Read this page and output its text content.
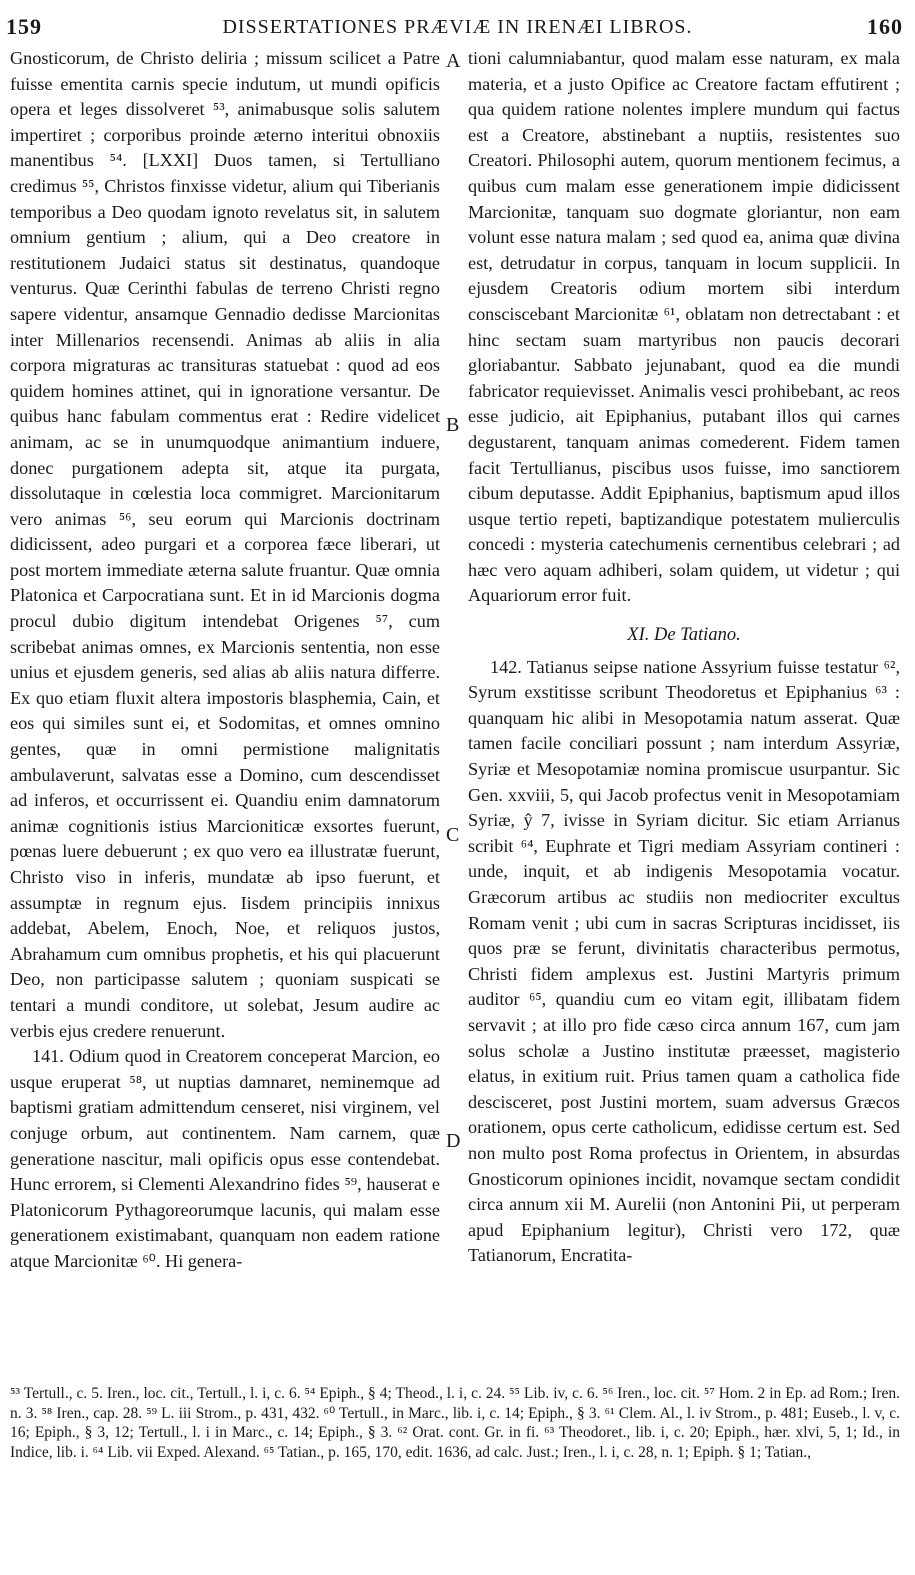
159	DISSERTATIONES PRÆVIÆ IN IRENÆI LIBROS.	160

Gnosticorum, de Christo deliria ; missum scilicet a Patre fuisse ementita carnis specie indutum, ut mundi opificis opera et leges dissolveret ⁵³, animabusque solis salutem impertiret ; corporibus proinde æterno interitui obnoxiis manentibus ⁵⁴. [LXXI] Duos tamen, si Tertulliano credimus ⁵⁵, Christos finxisse videtur, alium qui Tiberianis temporibus a Deo quodam ignoto revelatus sit, in salutem omnium gentium ; alium, qui a Deo creatore in restitutionem Judaici status sit destinatus, quandoque venturus. Quæ Cerinthi fabulas de terreno Christi regno sapere videntur, ansamque Gennadio dedisse Marcionitas inter Millenarios recensendi. Animas ab aliis in alia corpora migraturas ac transituras statuebat : quod ad eos quidem homines attinet, qui in ignoratione versantur. De quibus hanc fabulam commentus erat : Redire videlicet animam, ac se in unumquodque animantium induere, donec purgationem adepta sit, atque ita purgata, dissolutaque in cœlestia loca commigret. Marcionitarum vero animas ⁵⁶, seu eorum qui Marcionis doctrinam didicissent, adeo purgari et a corporea fæce liberari, ut post mortem immediate æterna salute fruantur. Quæ omnia Platonica et Carpocratiana sunt. Et in id Marcionis dogma procul dubio digitum intendebat Origenes ⁵⁷, cum scribebat animas omnes, ex Marcionis sententia, non esse unius et ejusdem generis, sed alias ab aliis natura differre. Ex quo etiam fluxit altera impostoris blasphemia, Cain, et eos qui similes sunt ei, et Sodomitas, et omnes omnino gentes, quæ in omni permistione malignitatis ambulaverunt, salvatas esse a Domino, cum descendisset ad inferos, et occurrissent ei. Quandiu enim damnatorum animæ cognitionis istius Marcioniticæ exsortes fuerunt, pœnas luere debuerunt ; ex quo vero ea illustratæ fuerunt, Christo viso in inferis, mundatæ ab ipso fuerunt, et assumptæ in regnum ejus. Iisdem principiis innixus addebat, Abelem, Enoch, Noe, et reliquos justos, Abrahamum cum omnibus prophetis, et his qui placuerunt Deo, non participasse salutem ; quoniam suspicati se tentari a mundi conditore, ut solebat, Jesum audire ac verbis ejus credere renuerunt.

141. Odium quod in Creatorem conceperat Marcion, eo usque eruperat ⁵⁸, ut nuptias damnaret, neminemque ad baptismi gratiam admittendum censeret, nisi virginem, vel conjuge orbum, aut continentem. Nam carnem, quæ generatione nascitur, mali opificis opus esse contendebat. Hunc errorem, si Clementi Alexandrino fides ⁵⁹, hauserat e Platonicorum Pythagoreorumque lacunis, qui malam esse generationem existimabant, quanquam non eadem ratione atque Marcionitæ ⁶⁰. Hi genera-

A
B
C
D

tioni calumniabantur, quod malam esse naturam, ex mala materia, et a justo Opifice ac Creatore factam effutirent ; qua quidem ratione nolentes implere mundum qui factus est a Creatore, abstinebant a nuptiis, resistentes suo Creatori. Philosophi autem, quorum mentionem fecimus, a quibus cum malam esse generationem impie didicissent Marcionitæ, tanquam suo dogmate gloriantur, non eam volunt esse natura malam ; sed quod ea, anima quæ divina est, detrudatur in corpus, tanquam in locum supplicii. In ejusdem Creatoris odium mortem sibi interdum consciscebant Marcionitæ ⁶¹, oblatam non detrectabant : et hinc sectam suam martyribus non paucis decorari gloriabantur. Sabbato jejunabant, quod ea die mundi fabricator requievisset. Animalis vesci prohibebant, ac reos esse judicio, ait Epiphanius, putabant illos qui carnes degustarent, tanquam animas comederent. Fidem tamen facit Tertullianus, piscibus usos fuisse, imo sanctiorem cibum deputasse. Addit Epiphanius, baptismum apud illos usque tertio repeti, baptizandique potestatem mulierculis concedi : mysteria catechumenis cernentibus celebrari ; ad hæc vero aquam adhiberi, solam quidem, ut videtur ; qui Aquariorum error fuit.

XI. De Tatiano.

142. Tatianus seipse natione Assyrium fuisse testatur ⁶², Syrum exstitisse scribunt Theodoretus et Epiphanius ⁶³ : quanquam hic alibi in Mesopotamia natum asserat. Quæ tamen facile conciliari possunt ; nam interdum Assyriæ, Syriæ et Mesopotamiæ nomina promiscue usurpantur. Sic Gen. xxviii, 5, qui Jacob profectus venit in Mesopotamiam Syriæ, ŷ 7, ivisse in Syriam dicitur. Sic etiam Arrianus scribit ⁶⁴, Euphrate et Tigri mediam Assyriam contineri : unde, inquit, et ab indigenis Mesopotamia vocatur. Græcorum artibus ac studiis non mediocriter excultus Romam venit ; ubi cum in sacras Scripturas incidisset, iis quos præ se ferunt, divinitatis characteribus permotus, Christi fidem amplexus est. Justini Martyris primum auditor ⁶⁵, quandiu cum eo vitam egit, illibatam fidem servavit ; at illo pro fide cæso circa annum 167, cum jam solus scholæ a Justino institutæ præesset, magisterio elatus, in exitium ruit. Prius tamen quam a catholica fide descisceret, post Justini mortem, suam adversus Græcos orationem, opus certe catholicum, edidisse certum est. Sed non multo post Roma profectus in Orientem, in absurdas Gnosticorum opiniones incidit, novamque sectam condidit circa annum xii M. Aurelii (non Antonini Pii, ut perperam apud Epiphanium legitur), Christi vero 172, quæ Tatianorum, Encratita-

⁵³ Tertull., c. 5. Iren., loc. cit., Tertull., l. i, c. 6. ⁵⁴ Epiph., § 4; Theod., l. i, c. 24. ⁵⁵ Lib. iv, c. 6. ⁵⁶ Iren., loc. cit. ⁵⁷ Hom. 2 in Ep. ad Rom.; Iren. n. 3. ⁵⁸ Iren., cap. 28. ⁵⁹ L. iii Strom., p. 431, 432. ⁶⁰ Tertull., in Marc., lib. i, c. 14; Epiph., § 3. ⁶¹ Clem. Al., l. iv Strom., p. 481; Euseb., l. v, c. 16; Epiph., § 3, 12; Tertull., l. i in Marc., c. 14; Epiph., § 3. ⁶² Orat. cont. Gr. in fi. ⁶³ Theodoret., lib. i, c. 20; Epiph., hær. xlvi, 5, 1; Id., in Indice, lib. i. ⁶⁴ Lib. vii Exped. Alexand. ⁶⁵ Tatian., p. 165, 170, edit. 1636, ad calc. Just.; Iren., l. i, c. 28, n. 1; Epiph. § 1; Tatian.,
